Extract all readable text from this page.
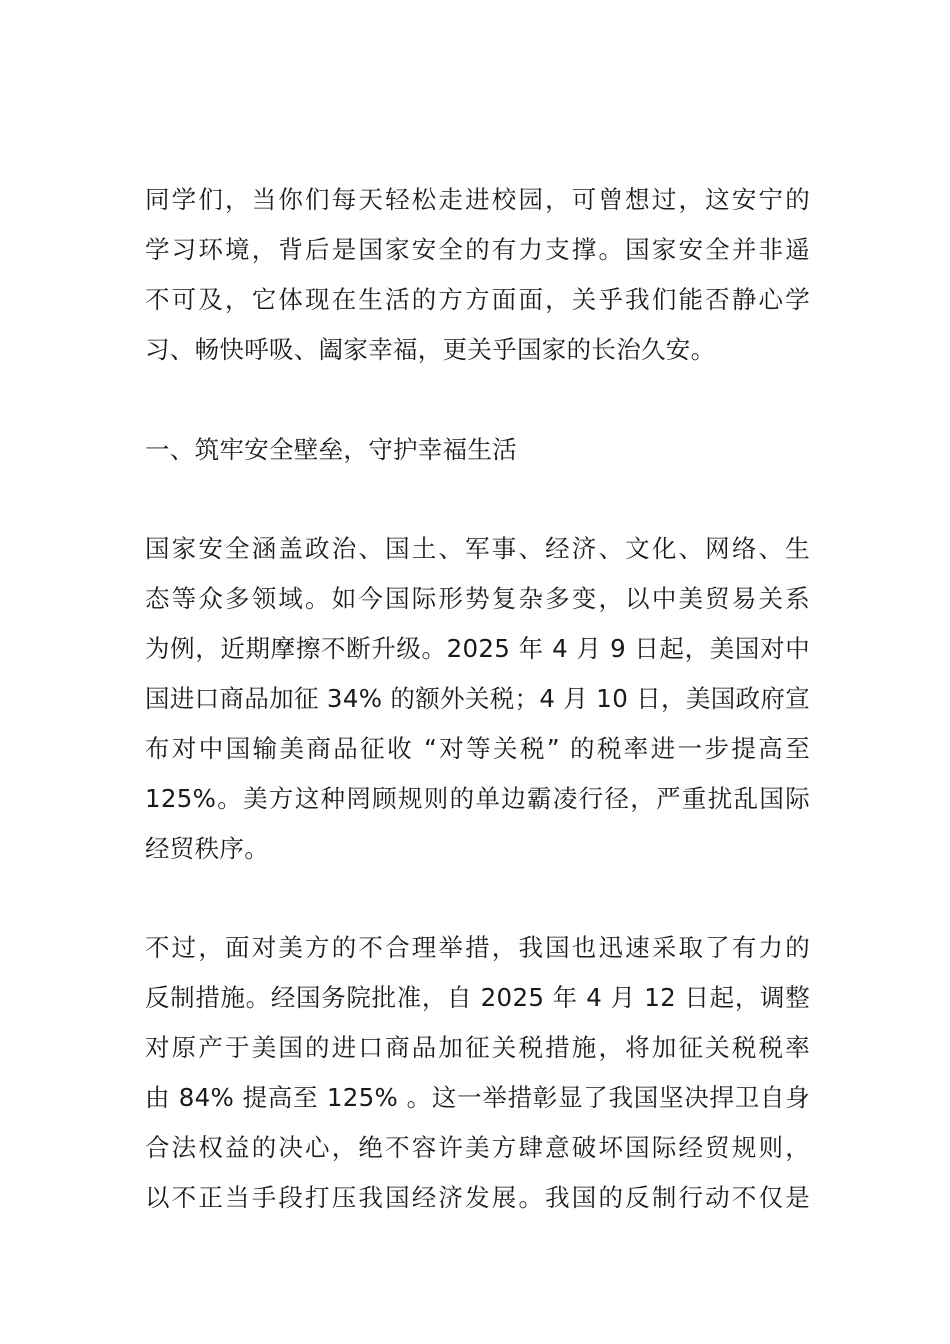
同学们，当你们每天轻松走进校园，可曾想过，这安宁的
学习环境，背后是国家安全的有力支撑。国家安全并非遥
不可及，它体现在生活的方方面面，关乎我们能否静心学
习、畅快呼吸、阖家幸福，更关乎国家的长治久安。
一、筑牢安全壁垒，守护幸福生活
国家安全涵盖政治、国土、军事、经济、文化、网络、生
态等众多领域。如今国际形势复杂多变，以中美贸易关系
为例，近期摩擦不断升级。2025 年 4 月 9 日起，美国对中
国进口商品加征 34% 的额外关税；4 月 10 日，美国政府宣
布对中国输美商品征收 “对等关税” 的税率进一步提高至
125%。美方这种罔顾规则的单边霸凌行径，严重扰乱国际
经贸秩序。
不过，面对美方的不合理举措，我国也迅速采取了有力的
反制措施。经国务院批准，自 2025 年 4 月 12 日起，调整
对原产于美国的进口商品加征关税措施，将加征关税税率
由 84% 提高至 125% 。这一举措彰显了我国坚决捍卫自身
合法权益的决心，绝不容许美方肆意破坏国际经贸规则，
以不正当手段打压我国经济发展。我国的反制行动不仅是
